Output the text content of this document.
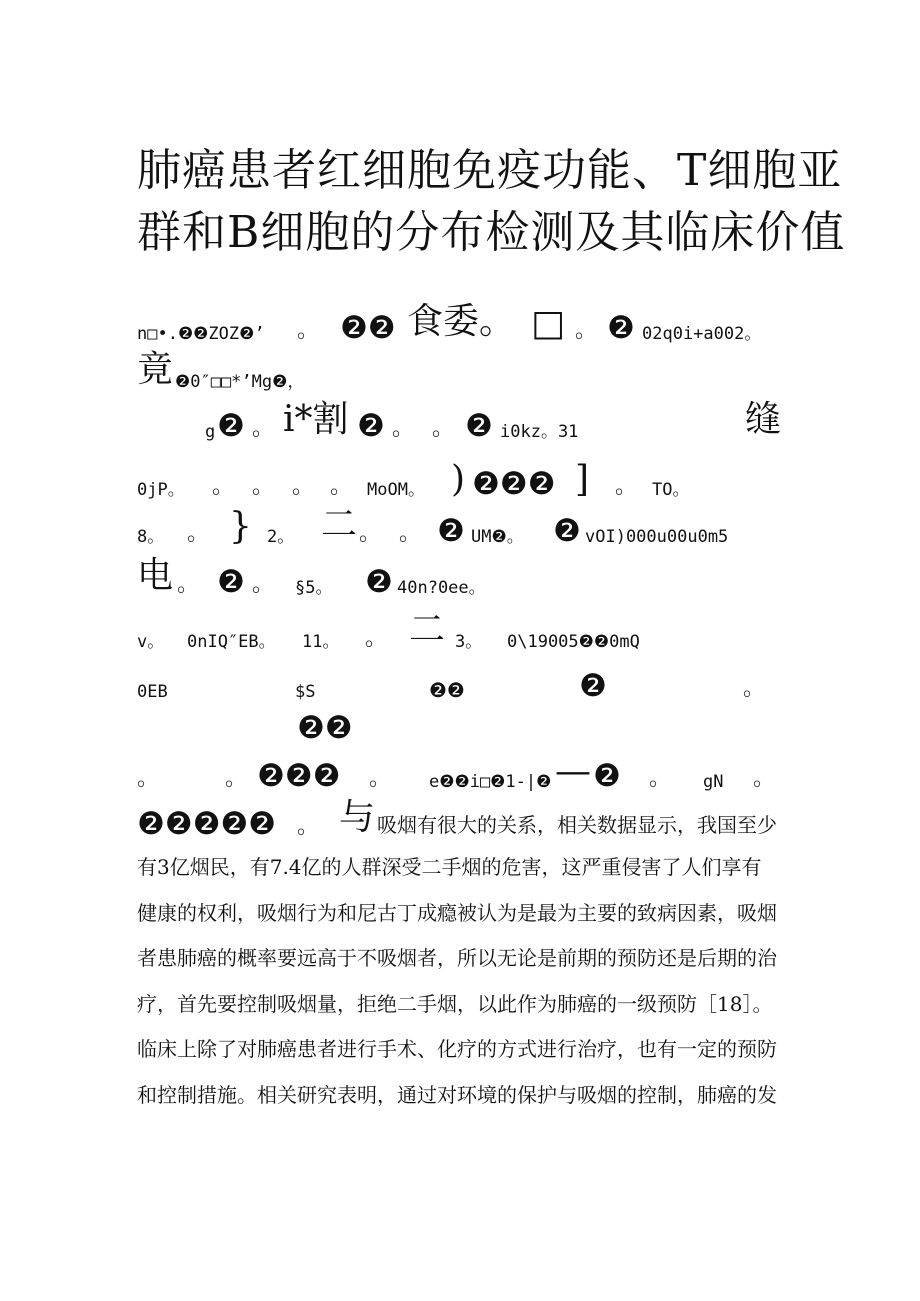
肺癌患者红细胞免疫功能、T细胞亚
群和B细胞的分布检测及其临床价值
n□•.❷❷ZOZ❷’ 。 ❷❷ 食委。 □ 。 ❷ 02q0i+a002。
竟 ❷0″□□*’Mg❷，
g ❷ 。 i*割 ❷ 。 。 ❷ i0kz。31	缝
0jP。 。 。 。 。 MoOM。 ) ❷❷❷ ] 。 TO。
8。 。 } 2。 二 。 。 ❷ UM❷。 ❷ vOI)000u00u0m5
电 。 ❷ 。 §5。 ❷ 40n?0ee。
v。 0nIQ″EB。 11。 。 二 3。 0\19005❷❷0mQ
0EB	$S	❷❷	❷	。
❷❷
。	。 ❷❷❷ 。 e❷❷i□❷1-|❷ — ❷ 。 gN 。
❷❷❷❷❷ 。 与 吸烟有很大的关系，相关数据显示，我国至少
有3亿烟民，有7.4亿的人群深受二手烟的危害，这严重侵害了人们享有
健康的权利，吸烟行为和尼古丁成瘾被认为是最为主要的致病因素，吸烟
者患肺癌的概率要远高于不吸烟者，所以无论是前期的预防还是后期的治
疗，首先要控制吸烟量，拒绝二手烟，以此作为肺癌的一级预防［18］。
临床上除了对肺癌患者进行手术、化疗的方式进行治疗，也有一定的预防
和控制措施。相关研究表明，通过对环境的保护与吸烟的控制，肺癌的发
